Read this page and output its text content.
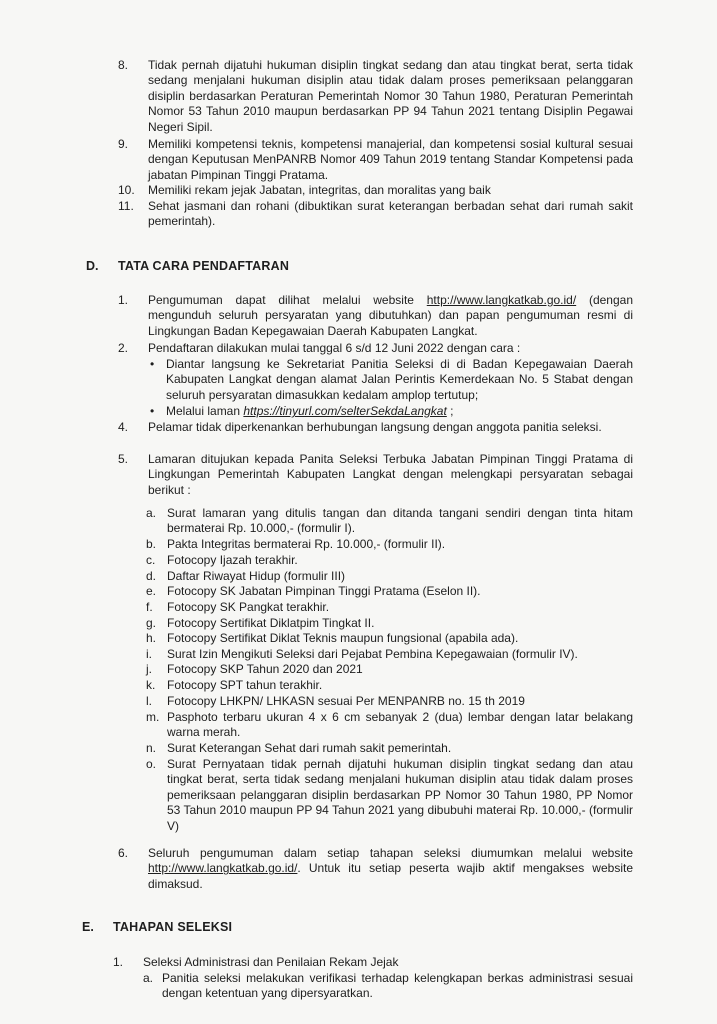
8. Tidak pernah dijatuhi hukuman disiplin tingkat sedang dan atau tingkat berat, serta tidak sedang menjalani hukuman disiplin atau tidak dalam proses pemeriksaan pelanggaran disiplin berdasarkan Peraturan Pemerintah Nomor 30 Tahun 1980, Peraturan Pemerintah Nomor 53 Tahun 2010 maupun berdasarkan PP 94 Tahun 2021 tentang Disiplin Pegawai Negeri Sipil.
9. Memiliki kompetensi teknis, kompetensi manajerial, dan kompetensi sosial kultural sesuai dengan Keputusan MenPANRB Nomor 409 Tahun 2019 tentang Standar Kompetensi pada jabatan Pimpinan Tinggi Pratama.
10. Memiliki rekam jejak Jabatan, integritas, dan moralitas yang baik
11. Sehat jasmani dan rohani (dibuktikan surat keterangan berbadan sehat dari rumah sakit pemerintah).
D. TATA CARA PENDAFTARAN
1. Pengumuman dapat dilihat melalui website http://www.langkatkab.go.id/ (dengan mengunduh seluruh persyaratan yang dibutuhkan) dan papan pengumuman resmi di Lingkungan Badan Kepegawaian Daerah Kabupaten Langkat.
2. Pendaftaran dilakukan mulai tanggal 6 s/d 12 Juni 2022 dengan cara :
• Diantar langsung ke Sekretariat Panitia Seleksi di di Badan Kepegawaian Daerah Kabupaten Langkat dengan alamat Jalan Perintis Kemerdekaan No. 5 Stabat dengan seluruh persyaratan dimasukkan kedalam amplop tertutup;
• Melalui laman https://tinyurl.com/selterSekdaLangkat ;
4. Pelamar tidak diperkenankan berhubungan langsung dengan anggota panitia seleksi.
5. Lamaran ditujukan kepada Panita Seleksi Terbuka Jabatan Pimpinan Tinggi Pratama di Lingkungan Pemerintah Kabupaten Langkat dengan melengkapi persyaratan sebagai berikut :
a. Surat lamaran yang ditulis tangan dan ditanda tangani sendiri dengan tinta hitam bermaterai Rp. 10.000,- (formulir I).
b. Pakta Integritas bermaterai Rp. 10.000,- (formulir II).
c. Fotocopy Ijazah terakhir.
d. Daftar Riwayat Hidup (formulir III)
e. Fotocopy SK Jabatan Pimpinan Tinggi Pratama (Eselon II).
f. Fotocopy SK Pangkat terakhir.
g. Fotocopy Sertifikat Diklatpim Tingkat II.
h. Fotocopy Sertifikat Diklat Teknis maupun fungsional (apabila ada).
i. Surat Izin Mengikuti Seleksi dari Pejabat Pembina Kepegawaian (formulir IV).
j. Fotocopy SKP Tahun 2020 dan 2021
k. Fotocopy SPT tahun terakhir.
l. Fotocopy LHKPN/ LHKASN sesuai Per MENPANRB no. 15 th 2019
m. Pasphoto terbaru ukuran 4 x 6 cm sebanyak 2 (dua) lembar dengan latar belakang warna merah.
n. Surat Keterangan Sehat dari rumah sakit pemerintah.
o. Surat Pernyataan tidak pernah dijatuhi hukuman disiplin tingkat sedang dan atau tingkat berat, serta tidak sedang menjalani hukuman disiplin atau tidak dalam proses pemeriksaan pelanggaran disiplin berdasarkan PP Nomor 30 Tahun 1980, PP Nomor 53 Tahun 2010 maupun PP 94 Tahun 2021 yang dibubuhi materai Rp. 10.000,- (formulir V)
6. Seluruh pengumuman dalam setiap tahapan seleksi diumumkan melalui website http://www.langkatkab.go.id/. Untuk itu setiap peserta wajib aktif mengakses website dimaksud.
E. TAHAPAN SELEKSI
1. Seleksi Administrasi dan Penilaian Rekam Jejak
a. Panitia seleksi melakukan verifikasi terhadap kelengkapan berkas administrasi sesuai dengan ketentuan yang dipersyaratkan.
